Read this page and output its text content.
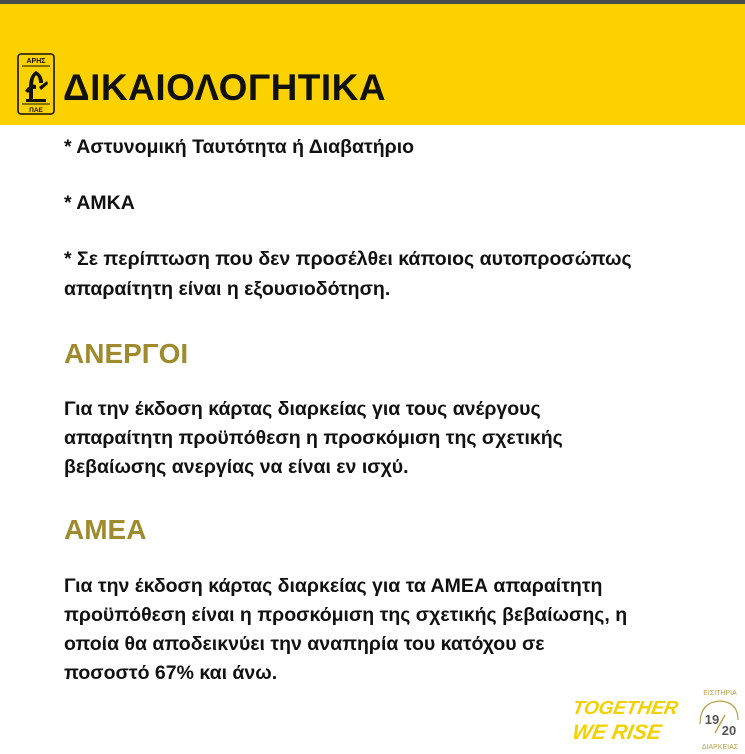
ΑΡΗΣ
ΠΑΕ
ΔΙΚΑΙΟΛΟΓΗΤΙΚΑ
* Αστυνομική Ταυτότητα ή Διαβατήριο
* ΑΜΚΑ
* Σε περίπτωση που δεν προσέλθει κάποιος αυτοπροσώπως
απαραίτητη είναι η εξουσιοδότηση.
ΑΝΕΡΓΟΙ
Για την έκδοση κάρτας διαρκείας για τους ανέργους
απαραίτητη προϋπόθεση η προσκόμιση της σχετικής
βεβαίωσης ανεργίας να είναι εν ισχύ.
ΑΜΕΑ
Για την έκδοση κάρτας διαρκείας για τα ΑΜΕΑ απαραίτητη
προϋπόθεση είναι η προσκόμιση της σχετικής βεβαίωσης, η
οποία θα αποδεικνύει την αναπηρία του κατόχου σε
ποσοστό 67% και άνω.
TOGETHER
WE RISE
ΕΙΣΙΤΗΡΙΑ
19
20
ΔΙΑΡΚΕΙΑΣ
